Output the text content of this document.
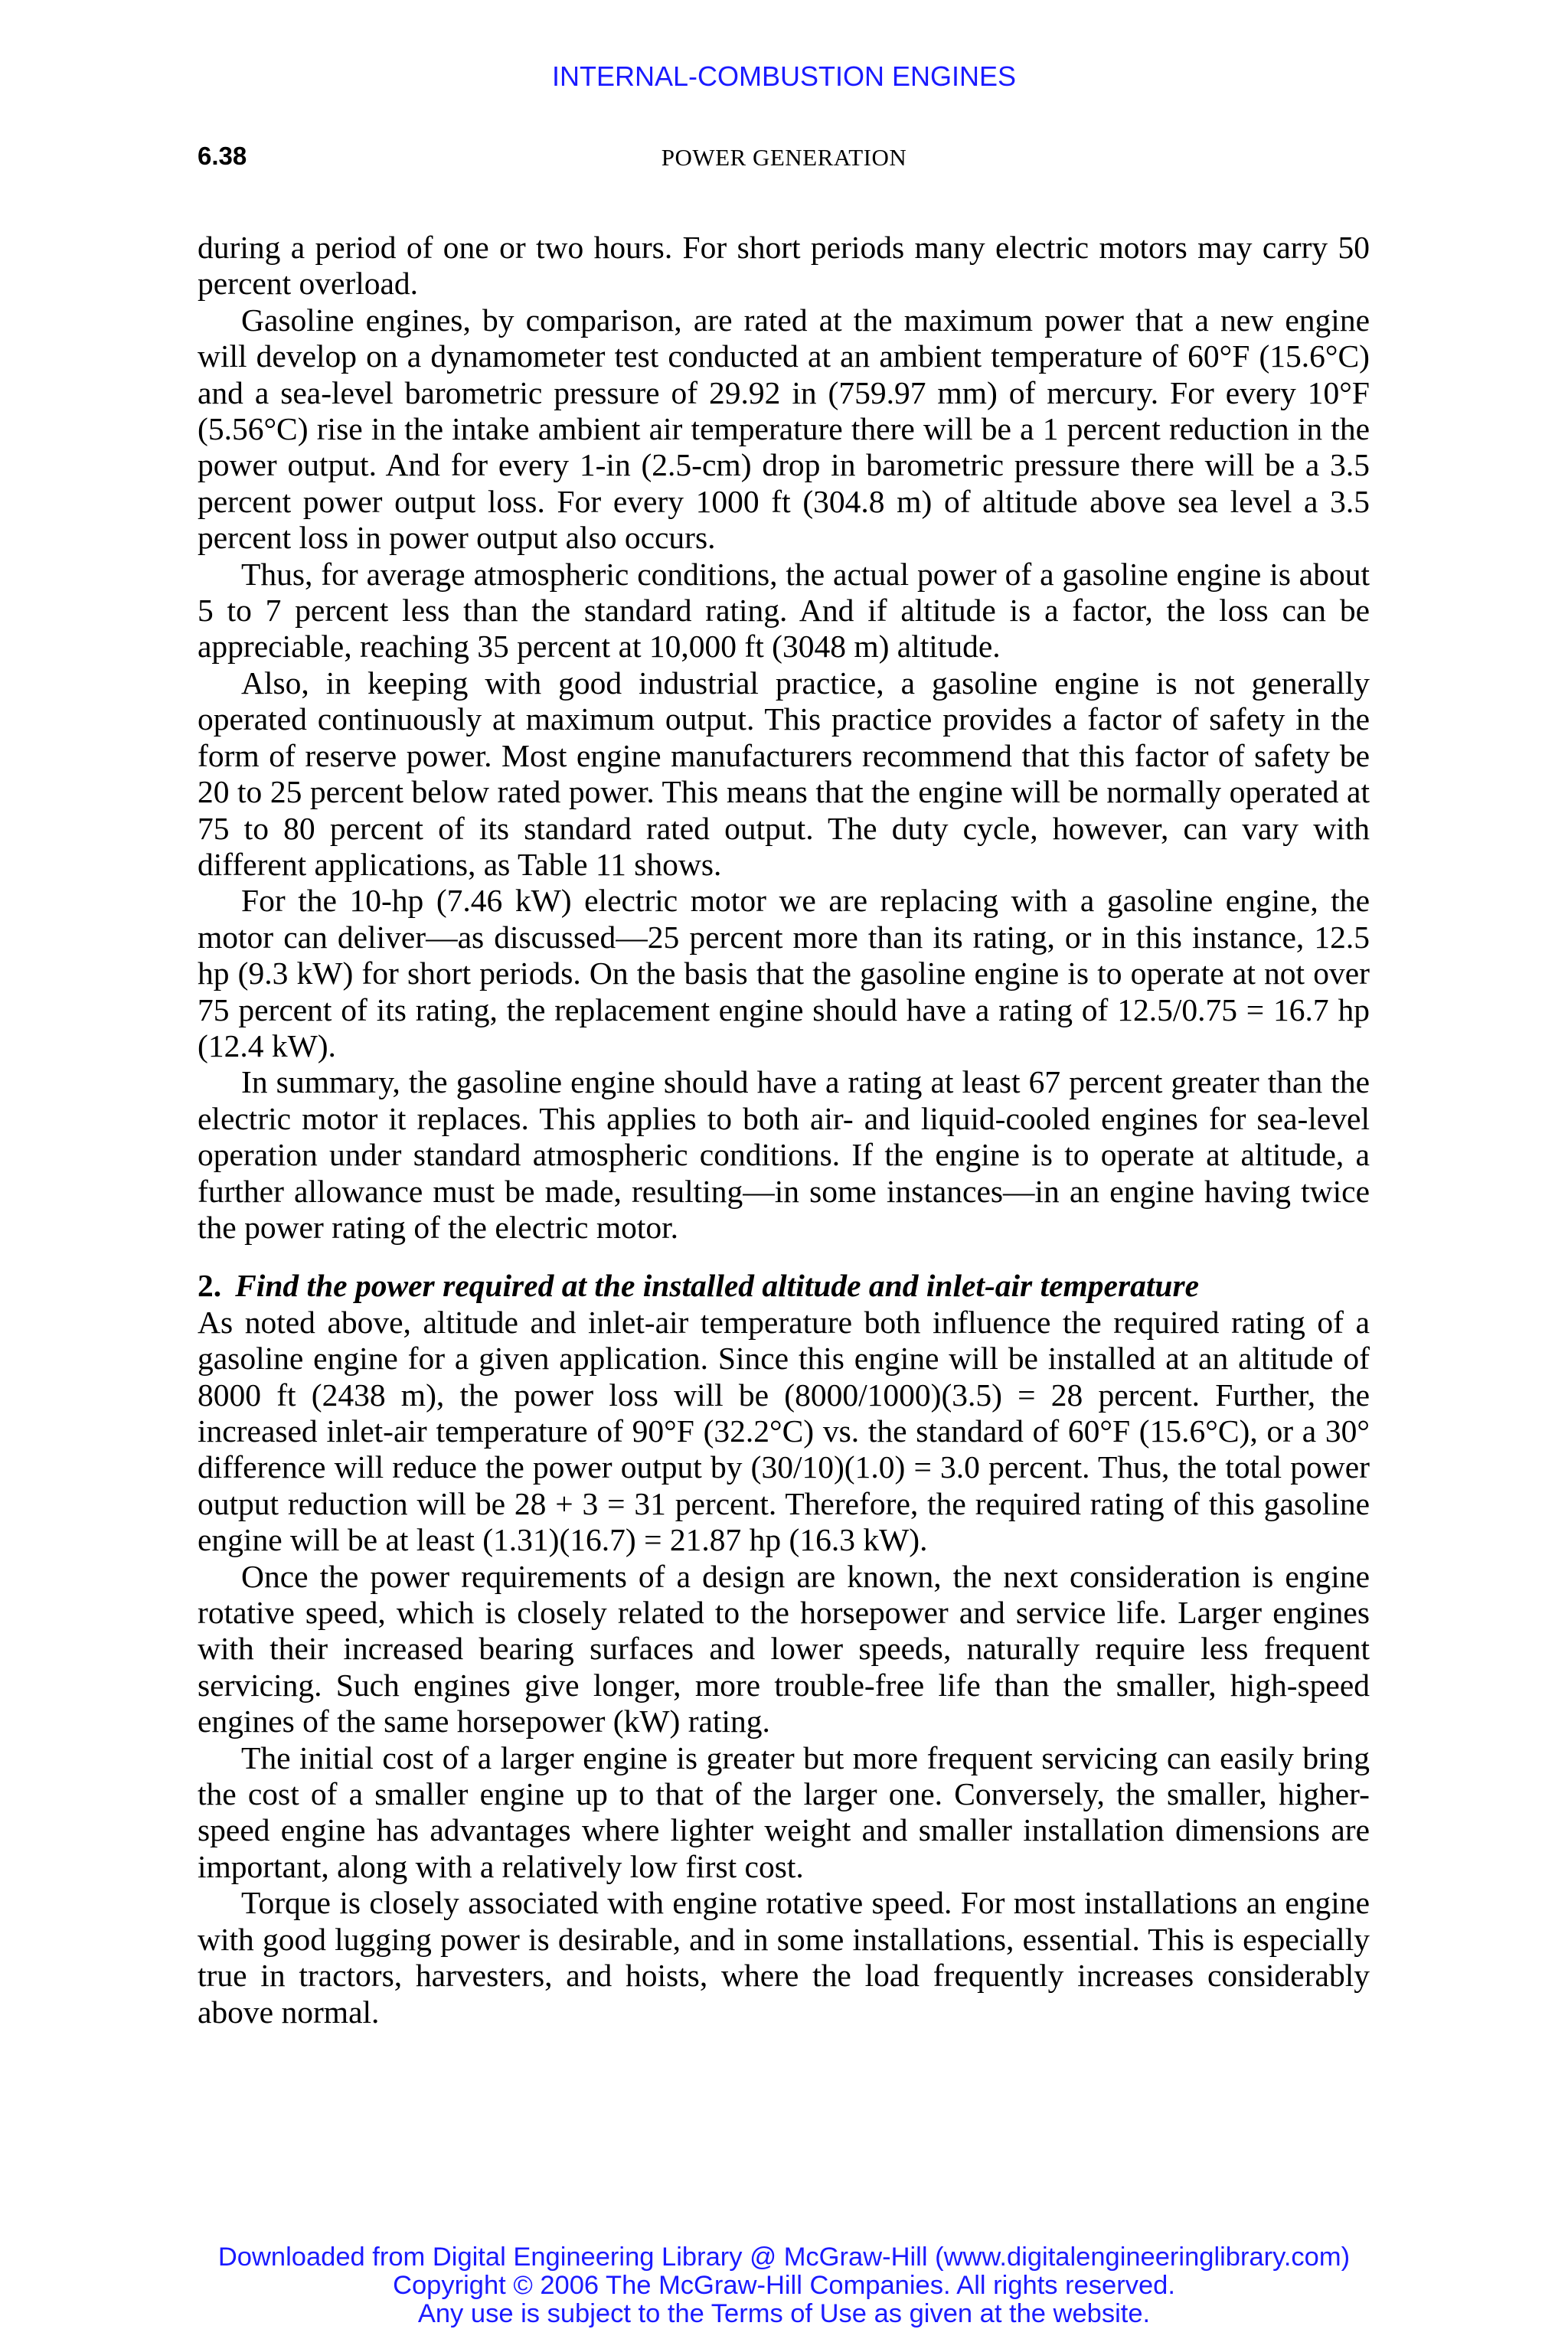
INTERNAL-COMBUSTION ENGINES
6.38	POWER GENERATION

during a period of one or two hours. For short periods many electric motors may carry 50 percent overload.

Gasoline engines, by comparison, are rated at the maximum power that a new engine will develop on a dynamometer test conducted at an ambient temperature of 60°F (15.6°C) and a sea-level barometric pressure of 29.92 in (759.97 mm) of mercury. For every 10°F (5.56°C) rise in the intake ambient air temperature there will be a 1 percent reduction in the power output. And for every 1-in (2.5-cm) drop in barometric pressure there will be a 3.5 percent power output loss. For every 1000 ft (304.8 m) of altitude above sea level a 3.5 percent loss in power output also occurs.

Thus, for average atmospheric conditions, the actual power of a gasoline engine is about 5 to 7 percent less than the standard rating. And if altitude is a factor, the loss can be appreciable, reaching 35 percent at 10,000 ft (3048 m) altitude.

Also, in keeping with good industrial practice, a gasoline engine is not generally operated continuously at maximum output. This practice provides a factor of safety in the form of reserve power. Most engine manufacturers recommend that this factor of safety be 20 to 25 percent below rated power. This means that the engine will be normally operated at 75 to 80 percent of its standard rated output. The duty cycle, however, can vary with different applications, as Table 11 shows.

For the 10-hp (7.46 kW) electric motor we are replacing with a gasoline engine, the motor can deliver—as discussed—25 percent more than its rating, or in this instance, 12.5 hp (9.3 kW) for short periods. On the basis that the gasoline engine is to operate at not over 75 percent of its rating, the replacement engine should have a rating of 12.5/0.75 = 16.7 hp (12.4 kW).

In summary, the gasoline engine should have a rating at least 67 percent greater than the electric motor it replaces. This applies to both air- and liquid-cooled engines for sea-level operation under standard atmospheric conditions. If the engine is to operate at altitude, a further allowance must be made, resulting—in some instances—in an engine having twice the power rating of the electric motor.

2. Find the power required at the installed altitude and inlet-air temperature

As noted above, altitude and inlet-air temperature both influence the required rating of a gasoline engine for a given application. Since this engine will be installed at an altitude of 8000 ft (2438 m), the power loss will be (8000/1000)(3.5) = 28 percent. Further, the increased inlet-air temperature of 90°F (32.2°C) vs. the standard of 60°F (15.6°C), or a 30° difference will reduce the power output by (30/10)(1.0) = 3.0 percent. Thus, the total power output reduction will be 28 + 3 = 31 percent. Therefore, the required rating of this gasoline engine will be at least (1.31)(16.7) = 21.87 hp (16.3 kW).

Once the power requirements of a design are known, the next consideration is engine rotative speed, which is closely related to the horsepower and service life. Larger engines with their increased bearing surfaces and lower speeds, naturally require less frequent servicing. Such engines give longer, more trouble-free life than the smaller, high-speed engines of the same horsepower (kW) rating.

The initial cost of a larger engine is greater but more frequent servicing can easily bring the cost of a smaller engine up to that of the larger one. Conversely, the smaller, higher-speed engine has advantages where lighter weight and smaller installation dimensions are important, along with a relatively low first cost.

Torque is closely associated with engine rotative speed. For most installations an engine with good lugging power is desirable, and in some installations, essential. This is especially true in tractors, harvesters, and hoists, where the load frequently increases considerably above normal.

Downloaded from Digital Engineering Library @ McGraw-Hill (www.digitalengineeringlibrary.com)
Copyright © 2006 The McGraw-Hill Companies. All rights reserved.
Any use is subject to the Terms of Use as given at the website.
